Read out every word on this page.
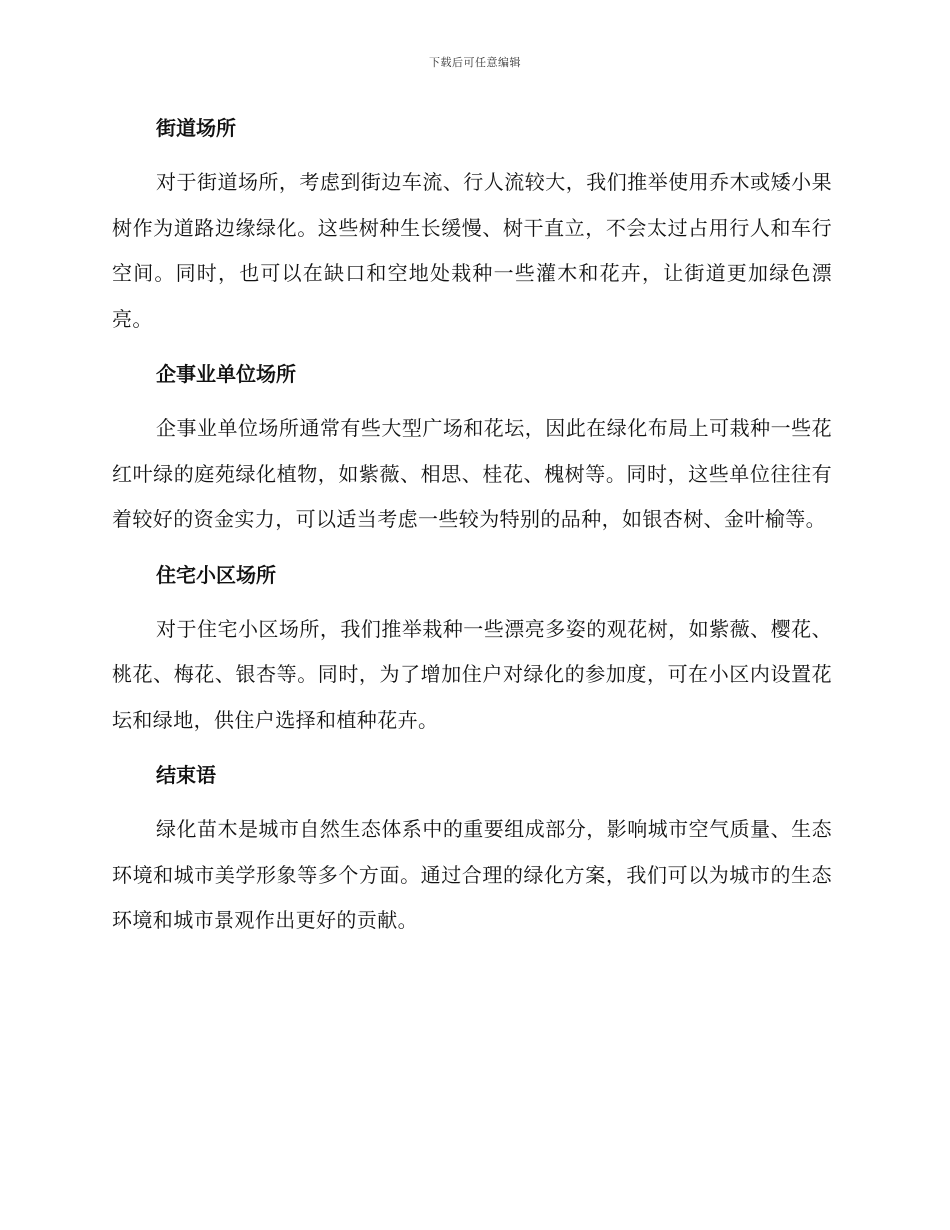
下载后可任意编辑
街道场所

对于街道场所，考虑到街边车流、行人流较大，我们推举使用乔木或矮小果树作为道路边缘绿化。这些树种生长缓慢、树干直立，不会太过占用行人和车行空间。同时，也可以在缺口和空地处栽种一些灌木和花卉，让街道更加绿色漂亮。

企事业单位场所

企事业单位场所通常有些大型广场和花坛，因此在绿化布局上可栽种一些花红叶绿的庭苑绿化植物，如紫薇、相思、桂花、槐树等。同时，这些单位往往有着较好的资金实力，可以适当考虑一些较为特别的品种，如银杏树、金叶榆等。

住宅小区场所

对于住宅小区场所，我们推举栽种一些漂亮多姿的观花树，如紫薇、樱花、桃花、梅花、银杏等。同时，为了增加住户对绿化的参加度，可在小区内设置花坛和绿地，供住户选择和植种花卉。

结束语

绿化苗木是城市自然生态体系中的重要组成部分，影响城市空气质量、生态环境和城市美学形象等多个方面。通过合理的绿化方案，我们可以为城市的生态环境和城市景观作出更好的贡献。
